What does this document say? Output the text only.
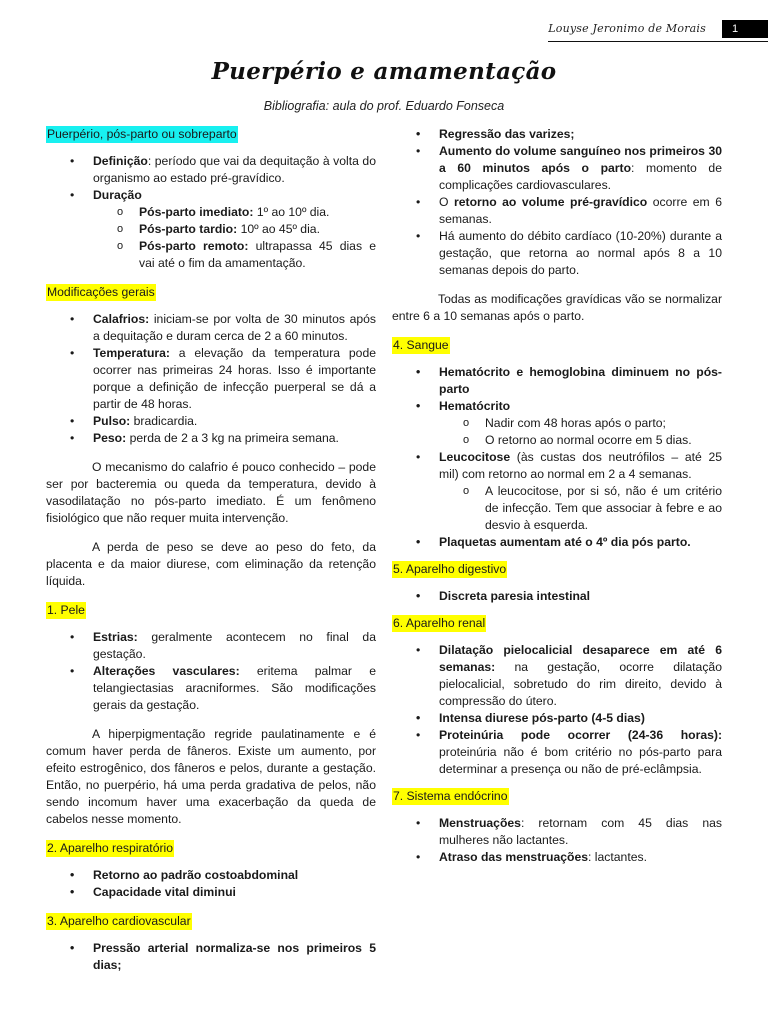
Louyse Jeronimo de Morais	1
Puerpério e amamentação
Bibliografia: aula do prof. Eduardo Fonseca
Puerpério, pós-parto ou sobreparto
• Definição: período que vai da dequitação à volta do organismo ao estado pré-gravídico.
• Duração
o Pós-parto imediato: 1º ao 10º dia.
o Pós-parto tardio: 10º ao 45º dia.
o Pós-parto remoto: ultrapassa 45 dias e vai até o fim da amamentação.
Modificações gerais
• Calafrios: iniciam-se por volta de 30 minutos após a dequitação e duram cerca de 2 a 60 minutos.
• Temperatura: a elevação da temperatura pode ocorrer nas primeiras 24 horas. Isso é importante porque a definição de infecção puerperal se dá a partir de 48 horas.
• Pulso: bradicardia.
• Peso: perda de 2 a 3 kg na primeira semana.

O mecanismo do calafrio é pouco conhecido – pode ser por bacteremia ou queda da temperatura, devido à vasodilatação no pós-parto imediato. É um fenômeno fisiológico que não requer muita intervenção.

A perda de peso se deve ao peso do feto, da placenta e da maior diurese, com eliminação da retenção líquida.

1. Pele
• Estrias: geralmente acontecem no final da gestação.
• Alterações vasculares: eritema palmar e telangiectasias aracniformes. São modificações gerais da gestação.

A hiperpigmentação regride paulatinamente e é comum haver perda de fâneros. Existe um aumento, por efeito estrogênico, dos fâneros e pelos, durante a gestação. Então, no puerpério, há uma perda gradativa de pelos, não sendo incomum haver uma exacerbação da queda de cabelos nesse momento.

2. Aparelho respiratório
• Retorno ao padrão costoabdominal
• Capacidade vital diminui
3. Aparelho cardiovascular
• Pressão arterial normaliza-se nos primeiros 5 dias;
• Regressão das varizes;
• Aumento do volume sanguíneo nos primeiros 30 a 60 minutos após o parto: momento de complicações cardiovasculares.
• O retorno ao volume pré-gravídico ocorre em 6 semanas.
• Há aumento do débito cardíaco (10-20%) durante a gestação, que retorna ao normal após 8 a 10 semanas depois do parto.

Todas as modificações gravídicas vão se normalizar entre 6 a 10 semanas após o parto.

4. Sangue
• Hematócrito e hemoglobina diminuem no pós-parto
• Hematócrito
o Nadir com 48 horas após o parto;
o O retorno ao normal ocorre em 5 dias.
• Leucocitose (às custas dos neutrófilos – até 25 mil) com retorno ao normal em 2 a 4 semanas.
o A leucocitose, por si só, não é um critério de infecção. Tem que associar à febre e ao desvio à esquerda.
• Plaquetas aumentam até o 4º dia pós parto.
5. Aparelho digestivo
• Discreta paresia intestinal
6. Aparelho renal
• Dilatação pielocalicial desaparece em até 6 semanas: na gestação, ocorre dilatação pielocalicial, sobretudo do rim direito, devido à compressão do útero.
• Intensa diurese pós-parto (4-5 dias)
• Proteinúria pode ocorrer (24-36 horas): proteinúria não é bom critério no pós-parto para determinar a presença ou não de pré-eclâmpsia.
7. Sistema endócrino
• Menstruações: retornam com 45 dias nas mulheres não lactantes.
• Atraso das menstruações: lactantes.
